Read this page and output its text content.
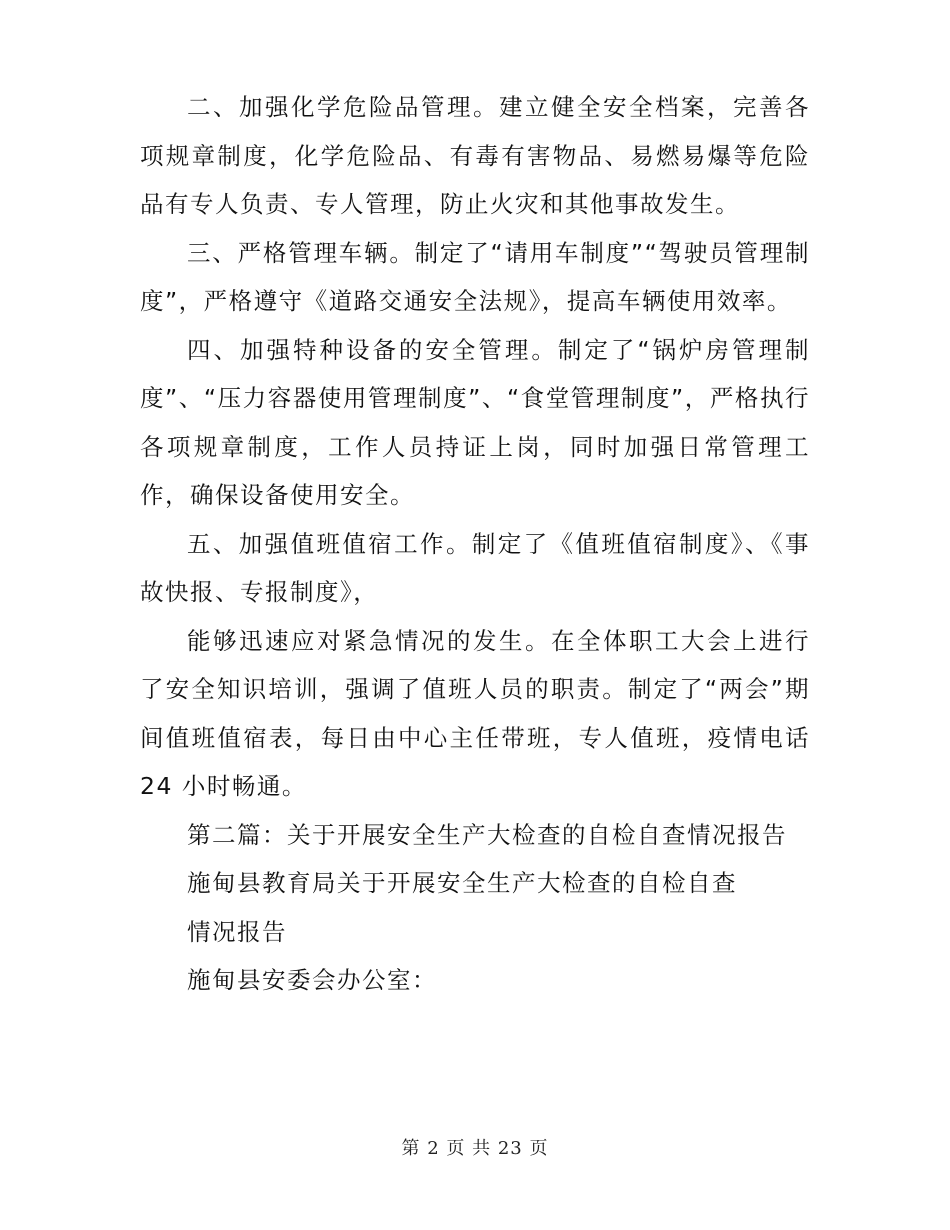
二、加强化学危险品管理。建立健全安全档案，完善各项规章制度，化学危险品、有毒有害物品、易燃易爆等危险品有专人负责、专人管理，防止火灾和其他事故发生。

三、严格管理车辆。制定了“请用车制度”“驾驶员管理制度”，严格遵守《道路交通安全法规》，提高车辆使用效率。

四、加强特种设备的安全管理。制定了“锅炉房管理制度”、“压力容器使用管理制度”、“食堂管理制度”，严格执行各项规章制度，工作人员持证上岗，同时加强日常管理工作，确保设备使用安全。

五、加强值班值宿工作。制定了《值班值宿制度》、《事故快报、专报制度》，

能够迅速应对紧急情况的发生。在全体职工大会上进行了安全知识培训，强调了值班人员的职责。制定了“两会”期间值班值宿表，每日由中心主任带班，专人值班，疫情电话 24 小时畅通。

第二篇：关于开展安全生产大检查的自检自查情况报告

施甸县教育局关于开展安全生产大检查的自检自查

情况报告

施甸县安委会办公室：

第 2 页 共 23 页
